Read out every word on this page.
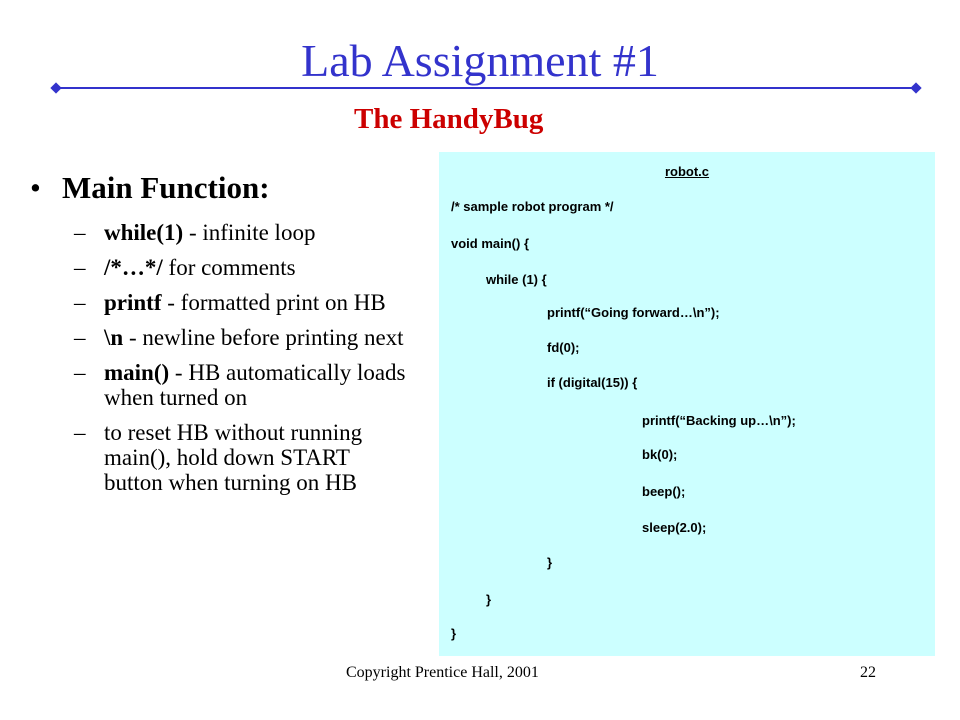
Lab Assignment #1
The HandyBug
• Main Function:
– while(1) - infinite loop
– /*…*/ for comments
– printf - formatted print on HB
– \n - newline before printing next
– main() - HB automatically loads when turned on
– to reset HB without running main(), hold down START button when turning on HB
robot.c
/* sample robot program */
void main() {
while (1) {
printf(“Going forward…\n”);
fd(0);
if (digital(15)) {
printf(“Backing up…\n”);
bk(0);
beep();
sleep(2.0);
}
}
}
Copyright Prentice Hall, 2001	22
